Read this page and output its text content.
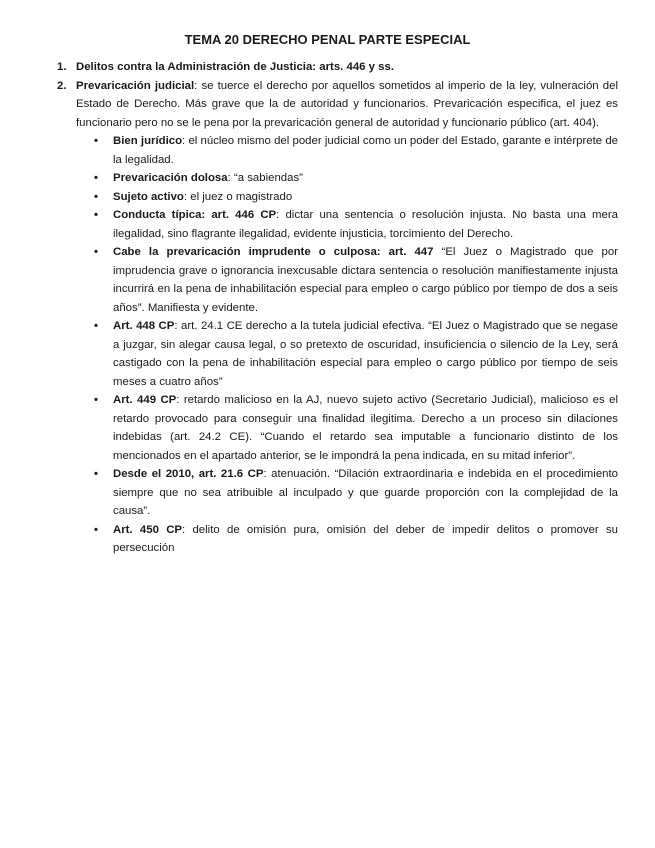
TEMA 20 DERECHO PENAL PARTE ESPECIAL
1. Delitos contra la Administración de Justicia: arts. 446 y ss.
2. Prevaricación judicial: se tuerce el derecho por aquellos sometidos al imperio de la ley, vulneración del Estado de Derecho. Más grave que la de autoridad y funcionarios. Prevaricación especifica, el juez es funcionario pero no se le pena por la prevaricación general de autoridad y funcionario público (art. 404).
• Bien jurídico: el núcleo mismo del poder judicial como un poder del Estado, garante e intérprete de la legalidad.
• Prevaricación dolosa: “a sabiendas”
• Sujeto activo: el juez o magistrado
• Conducta típica: art. 446 CP: dictar una sentencia o resolución injusta. No basta una mera ilegalidad, sino flagrante ilegalidad, evidente injusticia, torcimiento del Derecho.
• Cabe la prevaricación imprudente o culposa: art. 447 “El Juez o Magistrado que por imprudencia grave o ignorancia inexcusable dictara sentencia o resolución manifiestamente injusta incurrirá en la pena de inhabilitación especial para empleo o cargo público por tiempo de dos a seis años”. Manifiesta y evidente.
• Art. 448 CP: art. 24.1 CE derecho a la tutela judicial efectiva. “El Juez o Magistrado que se negase a juzgar, sin alegar causa legal, o so pretexto de oscuridad, insuficiencia o silencio de la Ley, será castigado con la pena de inhabilitación especial para empleo o cargo público por tiempo de seis meses a cuatro años”
• Art. 449 CP: retardo malicioso en la AJ, nuevo sujeto activo (Secretario Judicial), malicioso es el retardo provocado para conseguir una finalidad ilegitima. Derecho a un proceso sin dilaciones indebidas (art. 24.2 CE). “Cuando el retardo sea imputable a funcionario distinto de los mencionados en el apartado anterior, se le impondrá la pena indicada, en su mitad inferior”.
• Desde el 2010, art. 21.6 CP: atenuación. “Dilación extraordinaria e indebida en el procedimiento siempre que no sea atribuible al inculpado y que guarde proporción con la complejidad de la causa”.
• Art. 450 CP: delito de omisión pura, omisión del deber de impedir delitos o promover su persecución
